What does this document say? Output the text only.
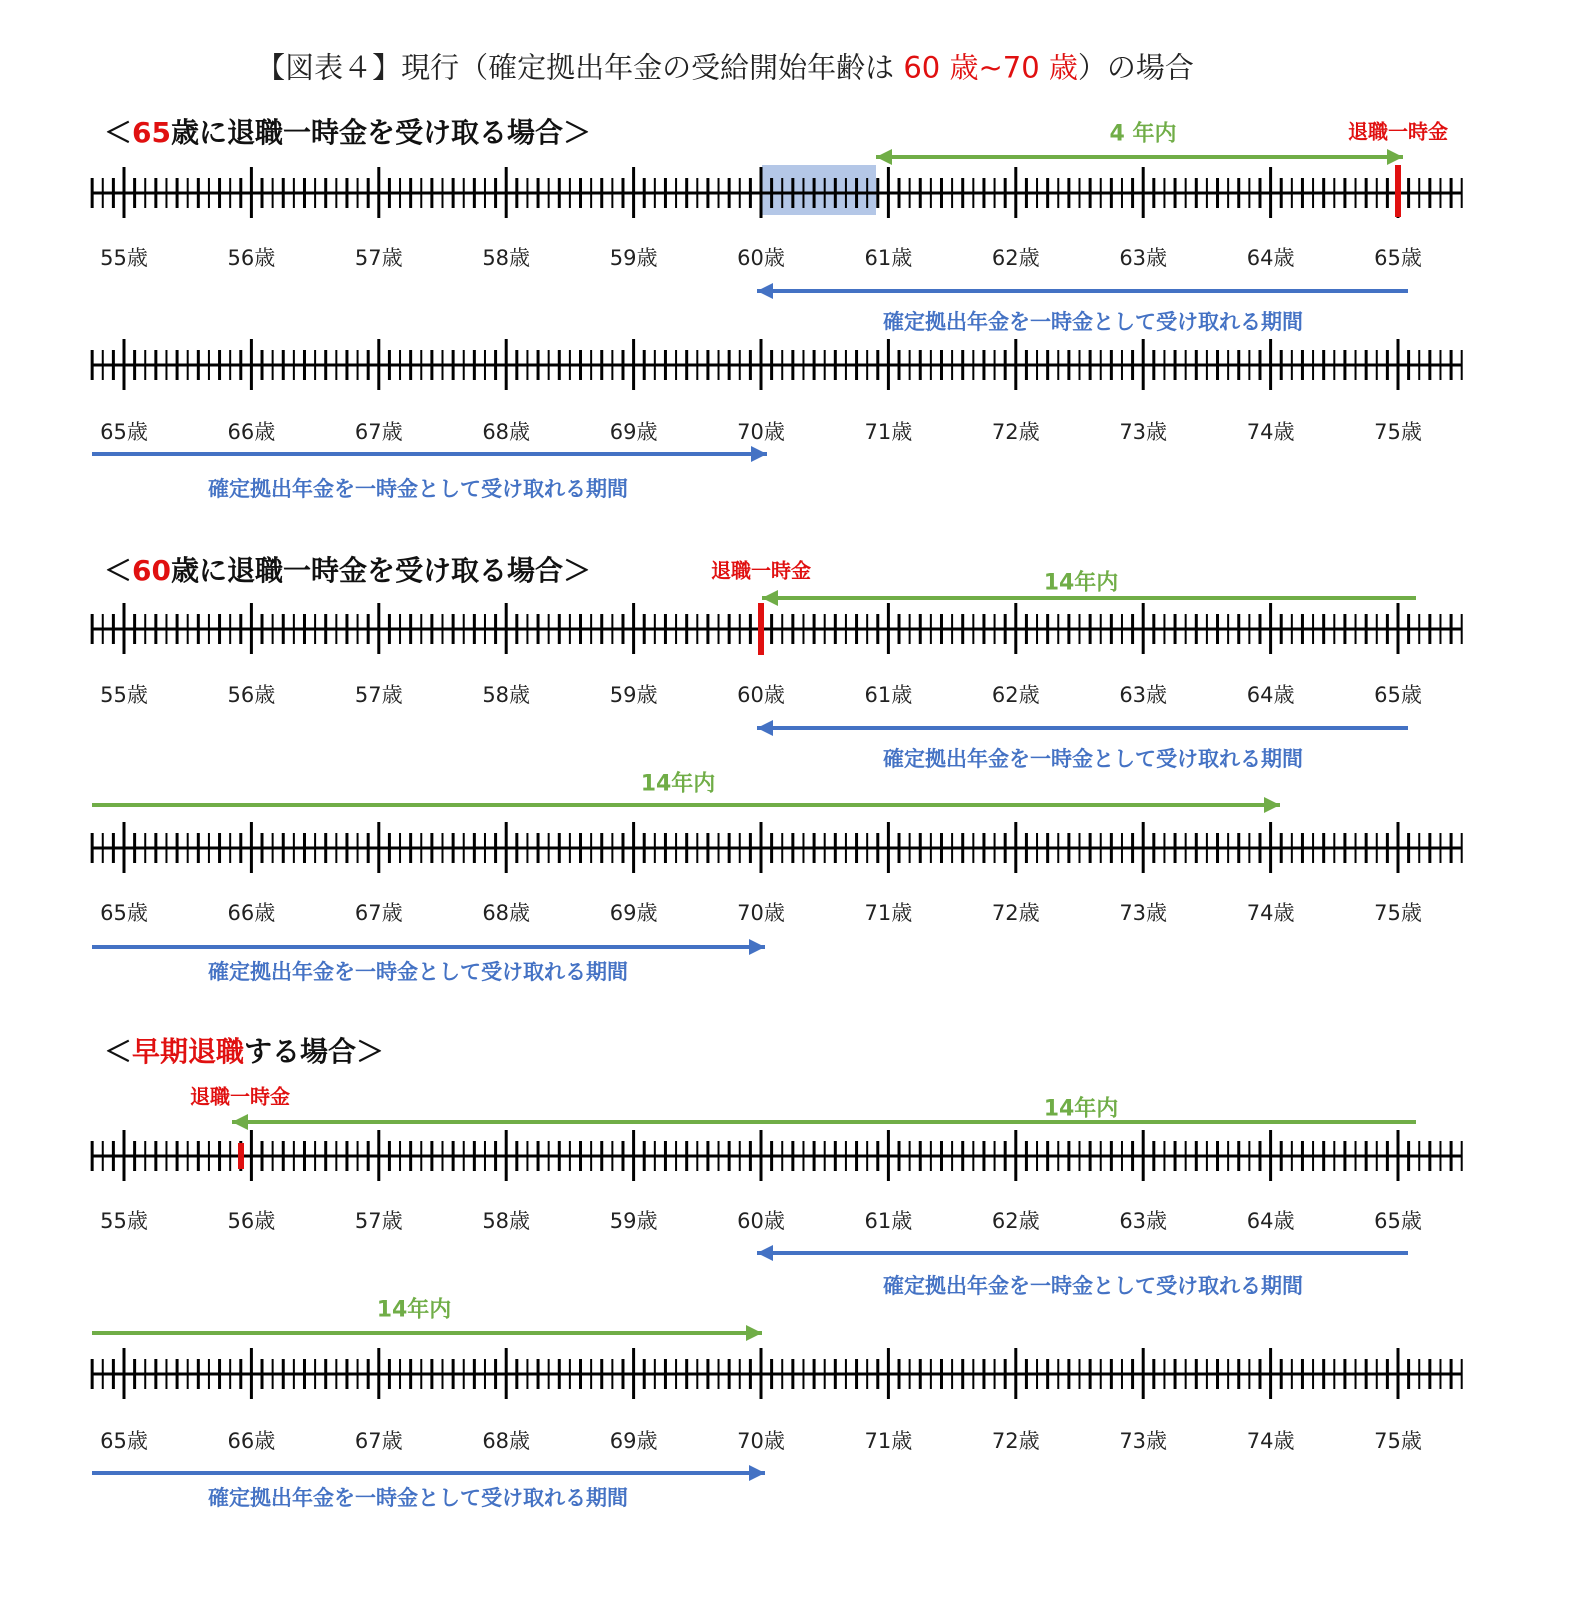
【図表４】現行（確定拠出年金の受給開始年齢は 60 歳~70 歳）の場合
＜65歳に退職一時金を受け取る場合＞
＜60歳に退職一時金を受け取る場合＞
＜早期退職する場合＞
55歳	56歳	57歳	58歳	59歳	60歳	61歳	62歳	63歳	64歳	65歳
65歳	66歳	67歳	68歳	69歳	70歳	71歳	72歳	73歳	74歳	75歳
55歳	56歳	57歳	58歳	59歳	60歳	61歳	62歳	63歳	64歳	65歳
65歳	66歳	67歳	68歳	69歳	70歳	71歳	72歳	73歳	74歳	75歳
55歳	56歳	57歳	58歳	59歳	60歳	61歳	62歳	63歳	64歳	65歳
65歳	66歳	67歳	68歳	69歳	70歳	71歳	72歳	73歳	74歳	75歳
退職一時金
4 年内
確定拠出年金を一時金として受け取れる期間
確定拠出年金を一時金として受け取れる期間
退職一時金	14年内
確定拠出年金を一時金として受け取れる期間
14年内
確定拠出年金を一時金として受け取れる期間
退職一時金	14年内
確定拠出年金を一時金として受け取れる期間
14年内
確定拠出年金を一時金として受け取れる期間
